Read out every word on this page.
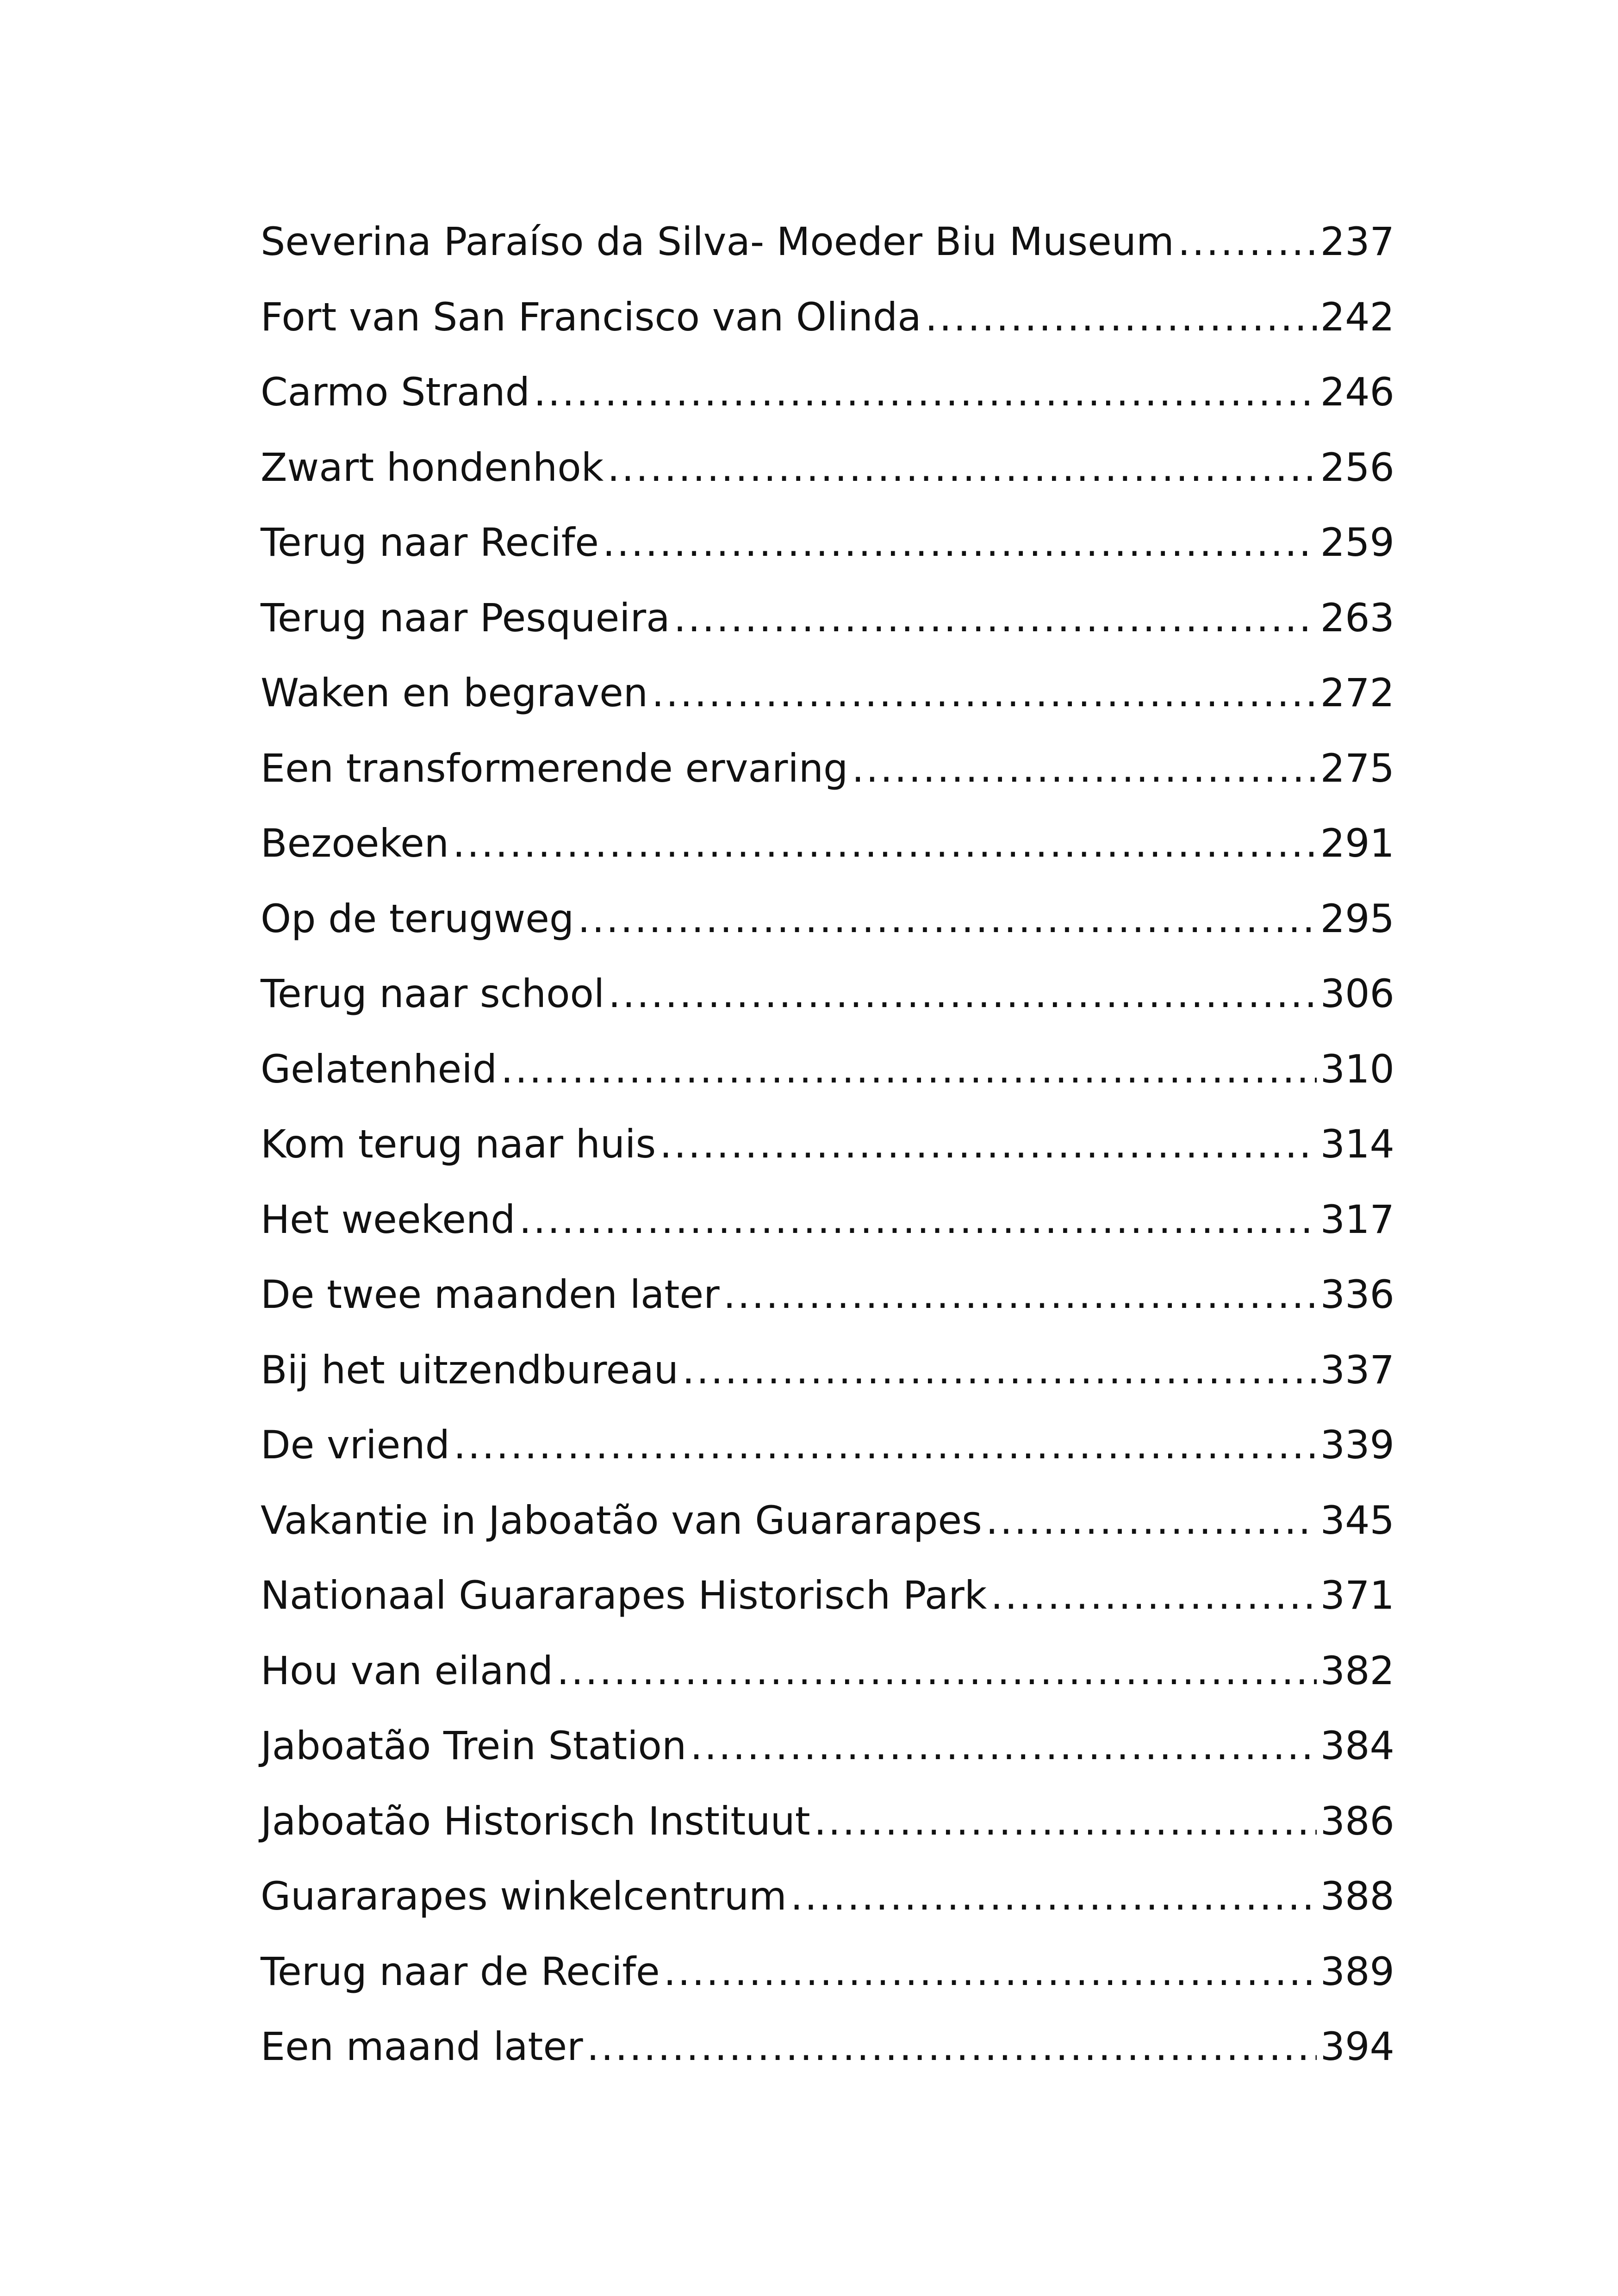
Severina Paraíso da Silva- Moeder Biu Museum .....	237
Fort van San Francisco van Olinda .....	242
Carmo Strand .....	246
Zwart hondenhok .....	256
Terug naar Recife .....	259
Terug naar Pesqueira .....	263
Waken en begraven .....	272
Een transformerende ervaring .....	275
Bezoeken .....	291
Op de terugweg .....	295
Terug naar school .....	306
Gelatenheid .....	310
Kom terug naar huis .....	314
Het weekend .....	317
De twee maanden later .....	336
Bij het uitzendbureau .....	337
De vriend .....	339
Vakantie in Jaboatão van Guararapes .....	345
Nationaal Guararapes Historisch Park .....	371
Hou van eiland .....	382
Jaboatão Trein Station .....	384
Jaboatão Historisch Instituut .....	386
Guararapes winkelcentrum .....	388
Terug naar de Recife .....	389
Een maand later .....	394
